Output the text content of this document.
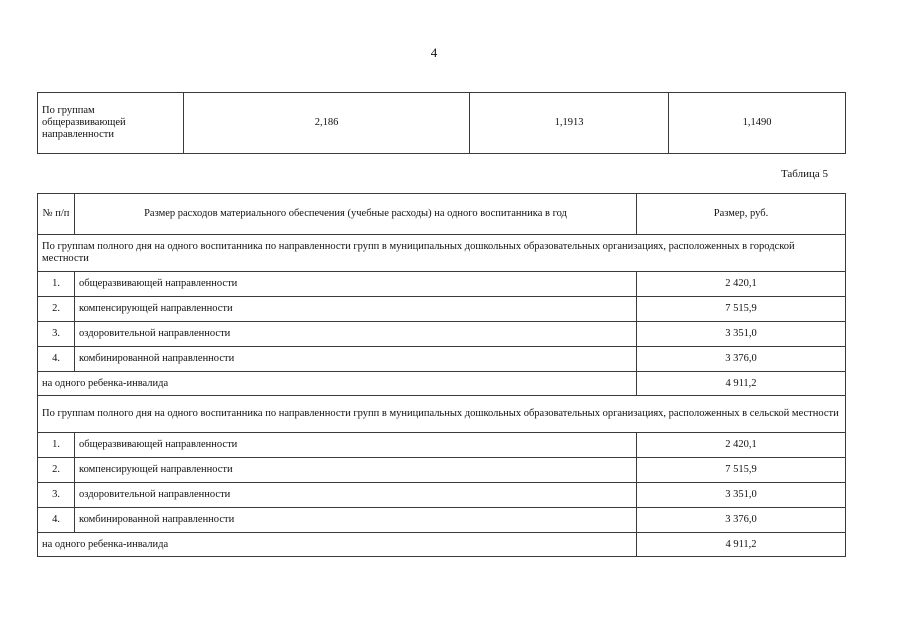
4
По группам общеразвивающей направленности	2,186	1,1913	1,1490
Таблица 5
№ п/п	Размер расходов материального обеспечения (учебные расходы) на одного воспитанника в год	Размер, руб.
По группам полного дня на одного воспитанника по направленности групп в муниципальных дошкольных образовательных организациях, расположенных в городской местности		
1.	общеразвивающей направленности	2 420,1
2.	компенсирующей направленности	7 515,9
3.	оздоровительной направленности	3 351,0
4.	комбинированной направленности	3 376,0
на одного ребенка-инвалида		4 911,2
По группам полного дня на одного воспитанника по направленности групп в муниципальных дошкольных образовательных организациях, расположенных в сельской местности		
1.	общеразвивающей направленности	2 420,1
2.	компенсирующей направленности	7 515,9
3.	оздоровительной направленности	3 351,0
4.	комбинированной направленности	3 376,0
на одного ребенка-инвалида		4 911,2
